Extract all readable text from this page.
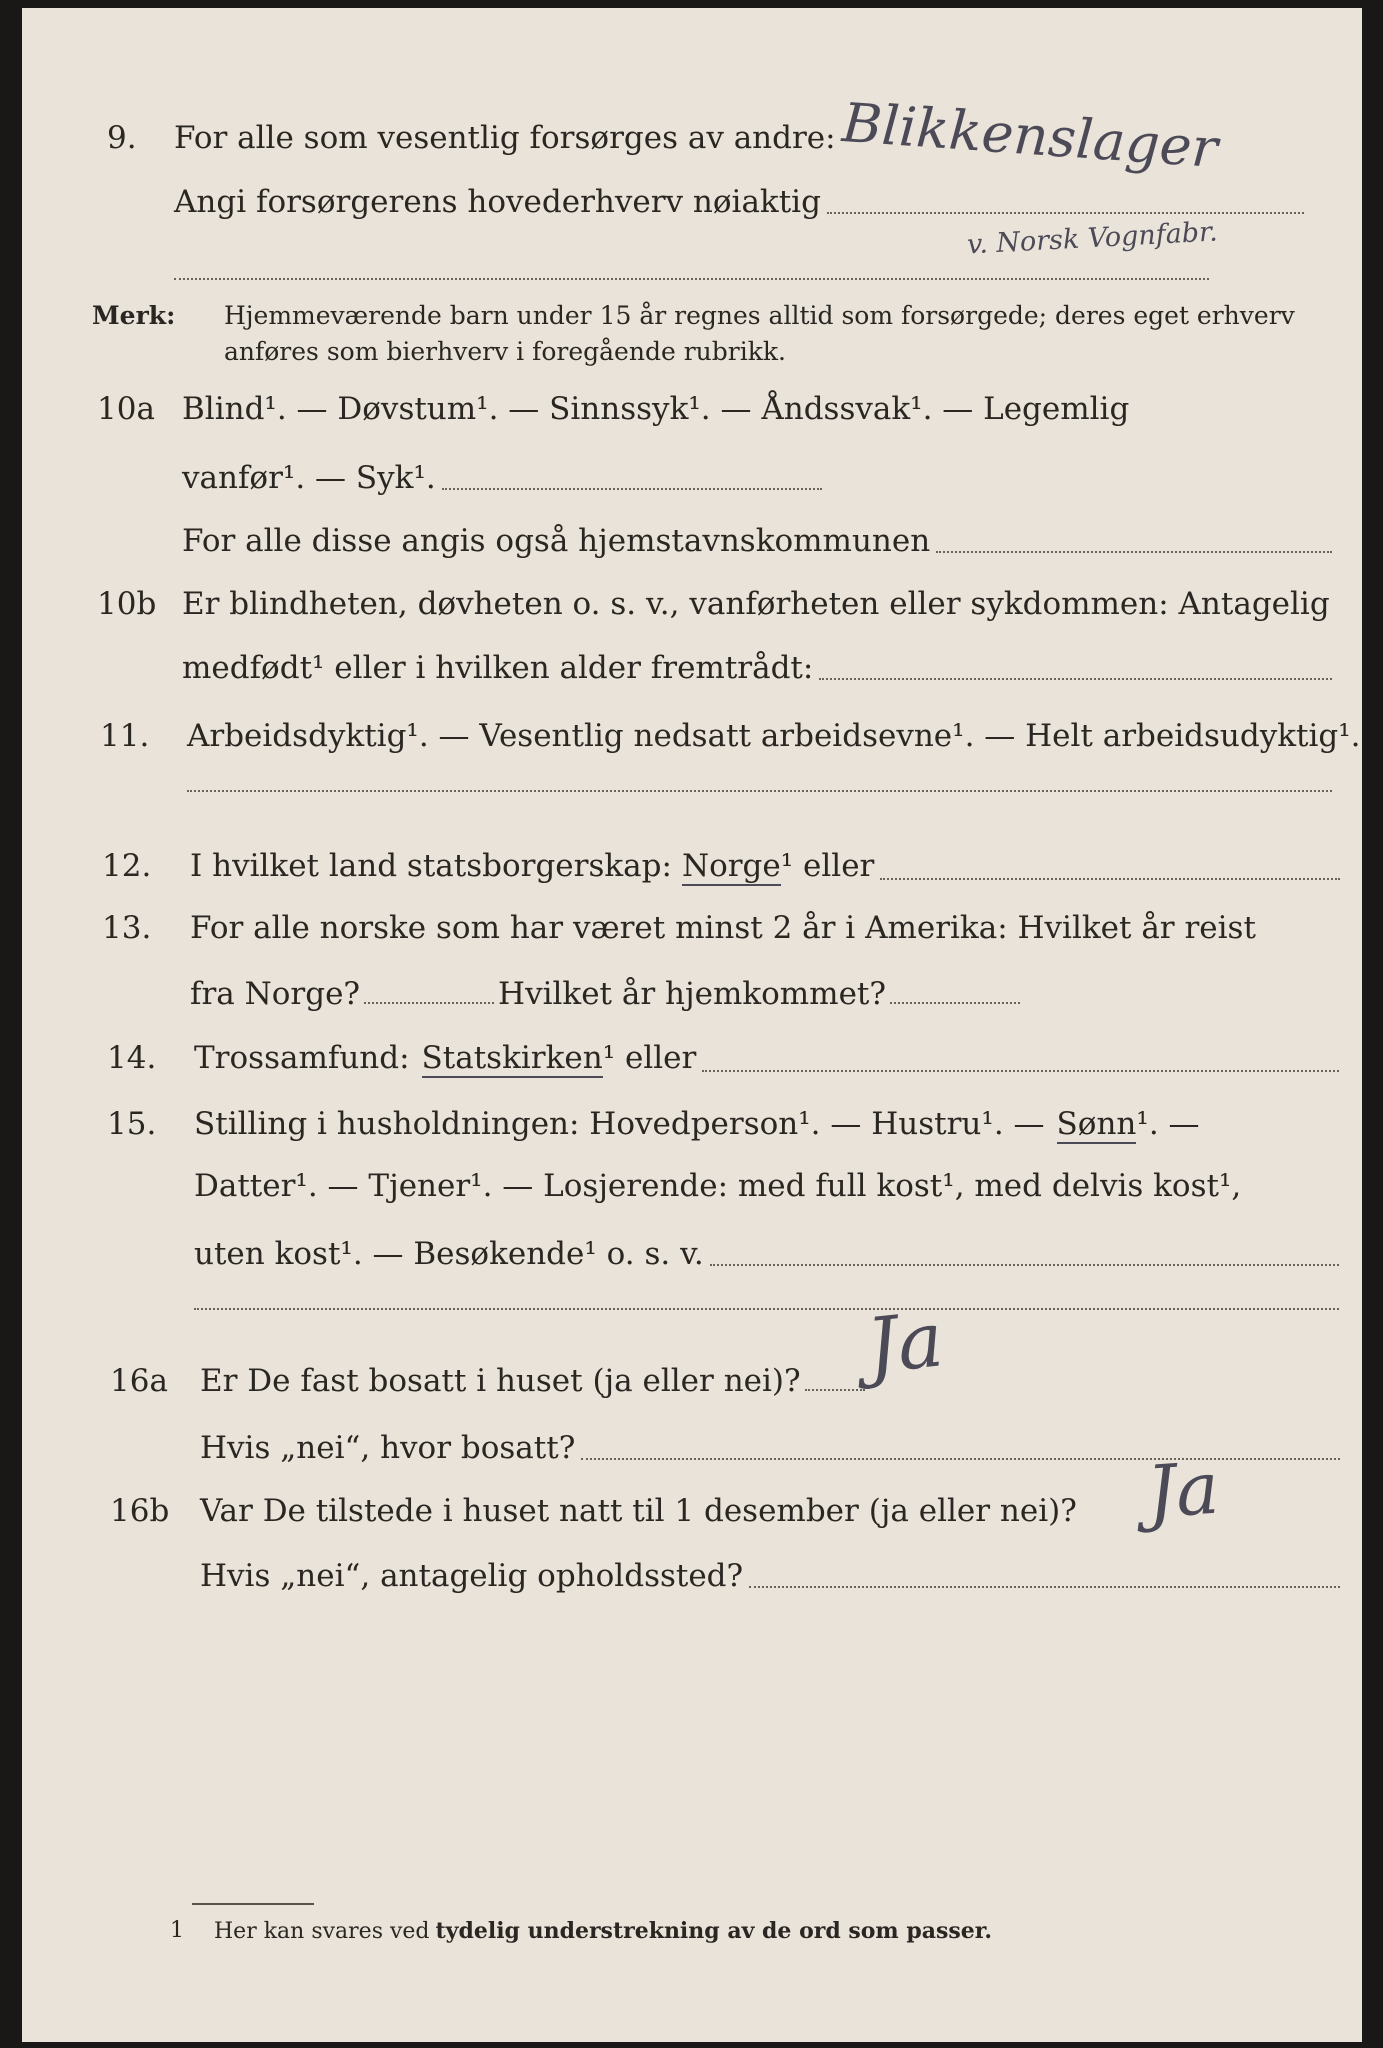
9.	For alle som vesentlig forsørges av andre:
Angi forsørgerens hovederhverv nøiaktig
Blikkenslager
v. Norsk Vognfabr.
Merk: Hjemmeværende barn under 15 år regnes alltid som forsørgede; deres eget erhverv
anføres som bierhverv i foregående rubrikk.
10a Blind¹. — Døvstum¹. — Sinnssyk¹. — Åndssvak¹. — Legemlig
vanfør¹. — Syk¹.
For alle disse angis også hjemstavnskommunen
10b Er blindheten, døvheten o. s. v., vanførheten eller sykdommen: Antagelig
medfødt¹ eller i hvilken alder fremtrådt:
11.	Arbeidsdyktig¹. — Vesentlig nedsatt arbeidsevne¹. — Helt arbeidsudyktig¹.
12.	I hvilket land statsborgerskap: Norge ¹ eller
13.	For alle norske som har været minst 2 år i Amerika: Hvilket år reist
fra Norge?	Hvilket år hjemkommet?
14.	Trossamfund: Statskirken ¹ eller
15.	Stilling i husholdningen: Hovedperson¹. — Hustru¹. — Sønn ¹. —
Datter¹. — Tjener¹. — Losjerende: med full kost¹, med delvis kost¹,
uten kost¹. — Besøkende¹ o. s. v.
16a	Er De fast bosatt i huset (ja eller nei)? Ja
Hvis „nei“, hvor bosatt?
16b Var De tilstede i huset natt til 1 desember (ja eller nei)? Ja
Hvis „nei“, antagelig opholdssted?
1	Her kan svares ved tydelig understrekning av de ord som passer.
